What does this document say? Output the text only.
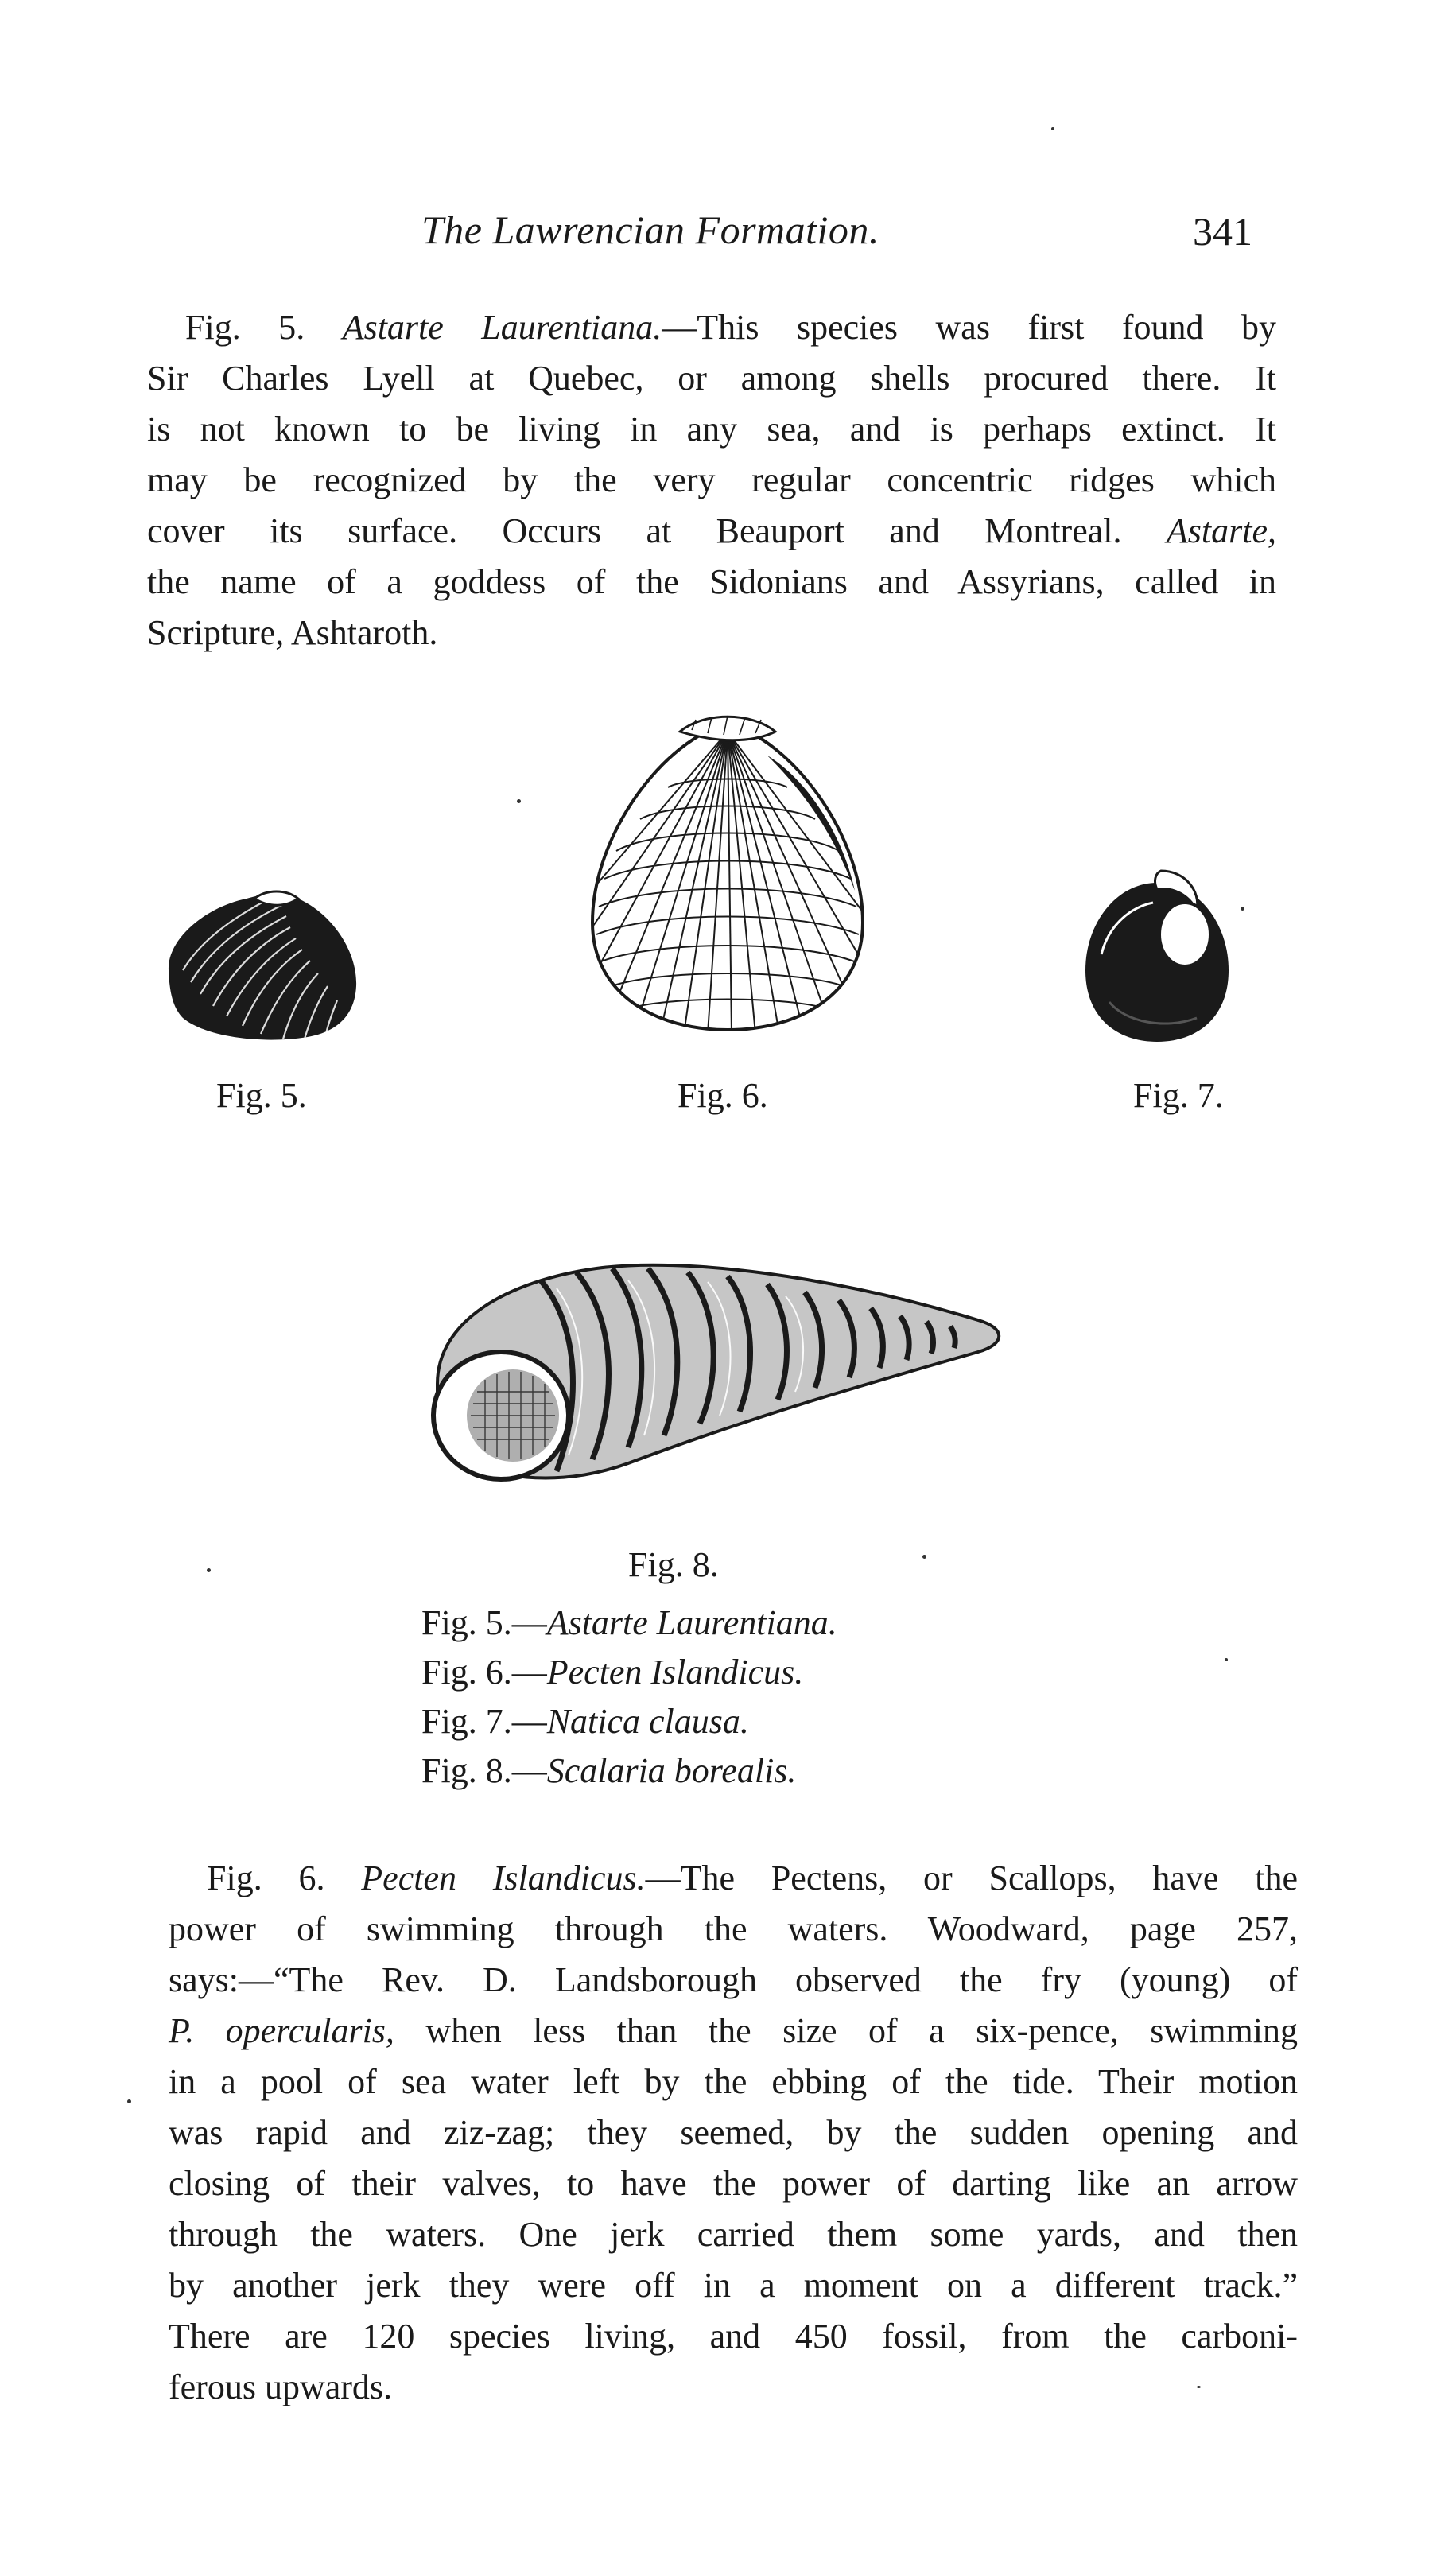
The Lawrencian Formation.	341
Fig. 5. Astarte Laurentiana.—This species was first found by
Sir Charles Lyell at Quebec, or among shells procured there. It
is not known to be living in any sea, and is perhaps extinct. It
may be recognized by the very regular concentric ridges which
cover its surface. Occurs at Beauport and Montreal. Astarte,
the name of a goddess of the Sidonians and Assyrians, called in
Scripture, Ashtaroth.
Fig. 5.	Fig. 6.	Fig. 7.
Fig. 8.
Fig. 5.—Astarte Laurentiana.
Fig. 6.—Pecten Islandicus.
Fig. 7.—Natica clausa.
Fig. 8.—Scalaria borealis.
Fig. 6. Pecten Islandicus.—The Pectens, or Scallops, have the
power of swimming through the waters. Woodward, page 257,
says:—“The Rev. D. Landsborough observed the fry (young) of
P. opercularis, when less than the size of a six-pence, swimming
in a pool of sea water left by the ebbing of the tide. Their motion
was rapid and ziz-zag; they seemed, by the sudden opening and
closing of their valves, to have the power of darting like an arrow
through the waters. One jerk carried them some yards, and then
by another jerk they were off in a moment on a different track.”
There are 120 species living, and 450 fossil, from the carboni-
ferous upwards.
